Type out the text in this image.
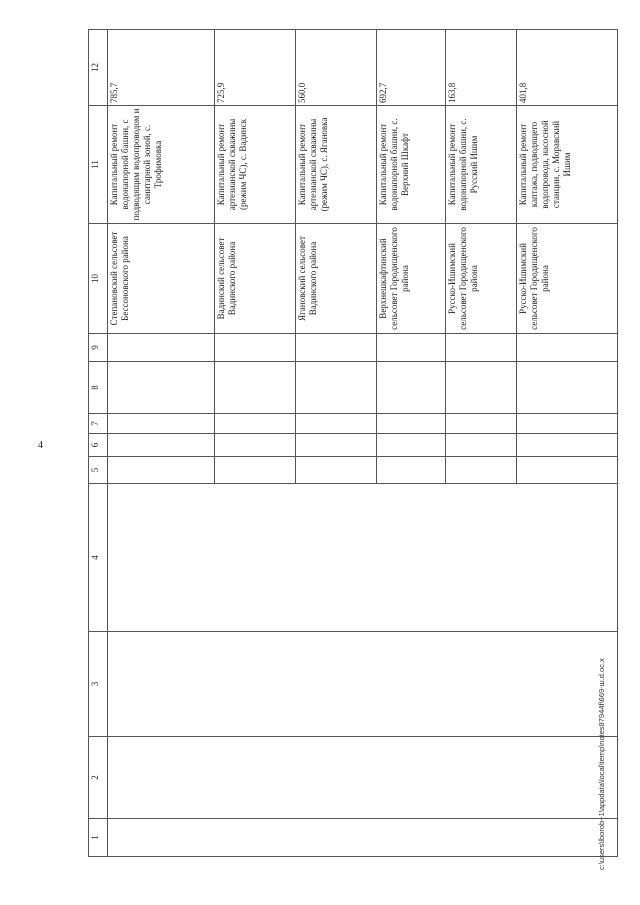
4
1	2	3	4	5	6	7	8	9	10	11	12
									Степановский сельсовет Бессоновского района	Капитальный ремонт водонапорной башни, с подводящим водопроводом и санитарной зоной, с. Трофимовка	785,7
									Вадинский сельсовет Вадинского района	Капитальный ремонт артезианской скважины (режим ЧС), с. Вадинск	725,9
									Ягановский сельсовет Вадинского района	Капитальный ремонт артезианской скважины (режим ЧС), с. Ягановка	560,0
									Верхнешкафтинский сельсовет Городищенского района	Капитальный ремонт водонапорной башни, с. Верхний Шкафт	692,7
									Русско-Ишимский сельсовет Городищенского района	Капитальный ремонт водонапорной башни, с. Русский Ишим	163,8
									Русско-Ишимский сельсовет Городищенского района	Капитальный ремонт каптажа, подводящего водопровода, насосной станции, с. Моравский Ишим	401,8
c:\users\lborob~1\appdata\local\temp\notes87944f\669-ш.d.oc.x
